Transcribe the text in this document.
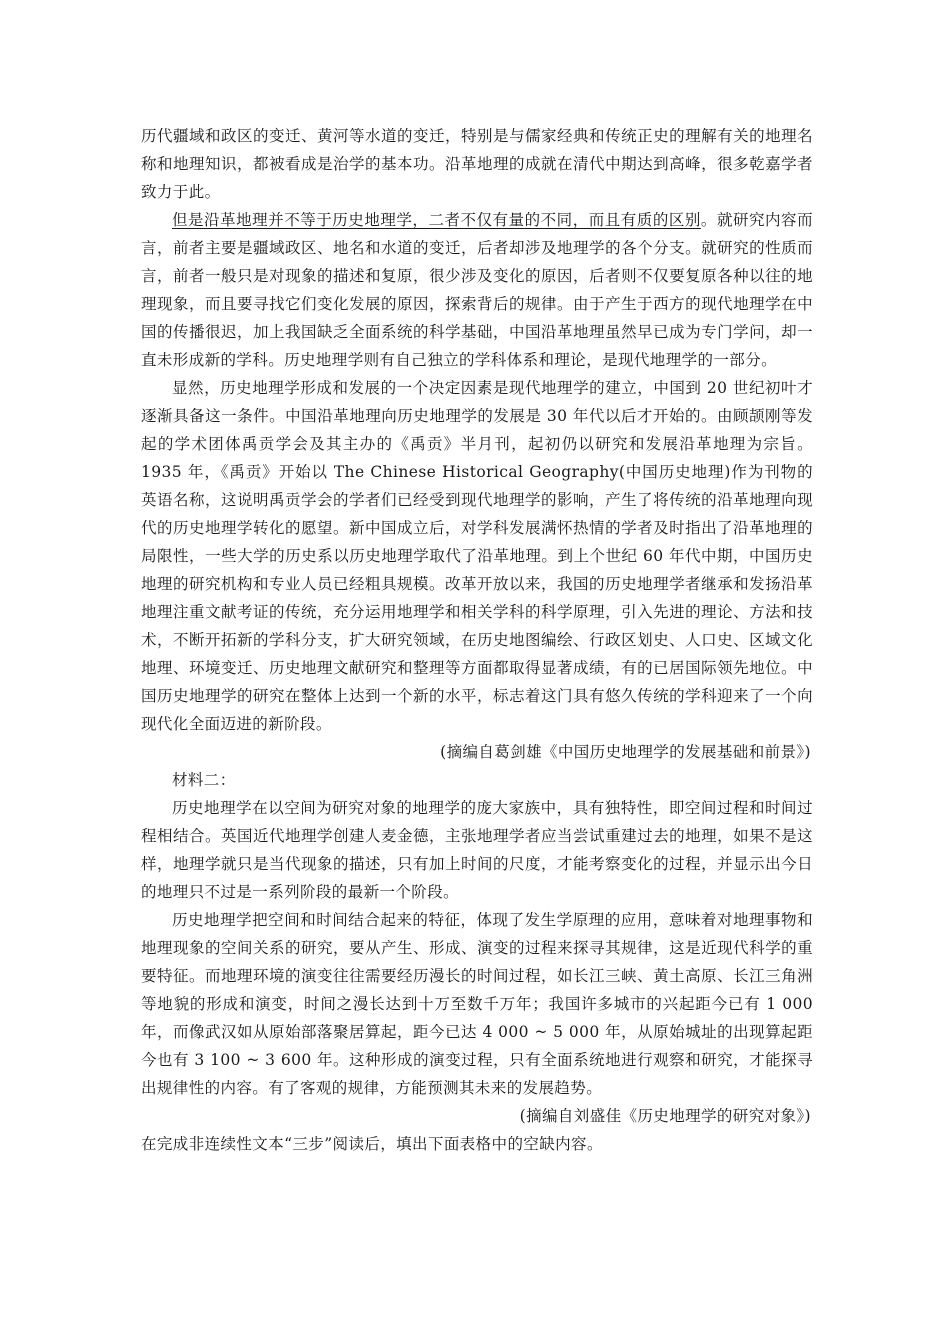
历代疆域和政区的变迁、黄河等水道的变迁，特别是与儒家经典和传统正史的理解有关的地理名称和地理知识，都被看成是治学的基本功。沿革地理的成就在清代中期达到高峰，很多乾嘉学者致力于此。

但是沿革地理并不等于历史地理学，二者不仅有量的不同，而且有质的区别。就研究内容而言，前者主要是疆域政区、地名和水道的变迁，后者却涉及地理学的各个分支。就研究的性质而言，前者一般只是对现象的描述和复原，很少涉及变化的原因，后者则不仅要复原各种以往的地理现象，而且要寻找它们变化发展的原因，探索背后的规律。由于产生于西方的现代地理学在中国的传播很迟，加上我国缺乏全面系统的科学基础，中国沿革地理虽然早已成为专门学问，却一直未形成新的学科。历史地理学则有自己独立的学科体系和理论，是现代地理学的一部分。

显然，历史地理学形成和发展的一个决定因素是现代地理学的建立，中国到 20 世纪初叶才逐渐具备这一条件。中国沿革地理向历史地理学的发展是 30 年代以后才开始的。由顾颉刚等发起的学术团体禹贡学会及其主办的《禹贡》半月刊，起初仍以研究和发展沿革地理为宗旨。1935 年，《禹贡》开始以 The Chinese Historical Geography(中国历史地理)作为刊物的英语名称，这说明禹贡学会的学者们已经受到现代地理学的影响，产生了将传统的沿革地理向现代的历史地理学转化的愿望。新中国成立后，对学科发展满怀热情的学者及时指出了沿革地理的局限性，一些大学的历史系以历史地理学取代了沿革地理。到上个世纪 60 年代中期，中国历史地理的研究机构和专业人员已经粗具规模。改革开放以来，我国的历史地理学者继承和发扬沿革地理注重文献考证的传统，充分运用地理学和相关学科的科学原理，引入先进的理论、方法和技术，不断开拓新的学科分支，扩大研究领域，在历史地图编绘、行政区划史、人口史、区域文化地理、环境变迁、历史地理文献研究和整理等方面都取得显著成绩，有的已居国际领先地位。中国历史地理学的研究在整体上达到一个新的水平，标志着这门具有悠久传统的学科迎来了一个向现代化全面迈进的新阶段。

(摘编自葛剑雄《中国历史地理学的发展基础和前景》)

材料二：

历史地理学在以空间为研究对象的地理学的庞大家族中，具有独特性，即空间过程和时间过程相结合。英国近代地理学创建人麦金德，主张地理学者应当尝试重建过去的地理，如果不是这样，地理学就只是当代现象的描述，只有加上时间的尺度，才能考察变化的过程，并显示出今日的地理只不过是一系列阶段的最新一个阶段。

历史地理学把空间和时间结合起来的特征，体现了发生学原理的应用，意味着对地理事物和地理现象的空间关系的研究，要从产生、形成、演变的过程来探寻其规律，这是近现代科学的重要特征。而地理环境的演变往往需要经历漫长的时间过程，如长江三峡、黄土高原、长江三角洲等地貌的形成和演变，时间之漫长达到十万至数千万年；我国许多城市的兴起距今已有 1 000 年，而像武汉如从原始部落聚居算起，距今已达 4 000 ~ 5 000 年，从原始城址的出现算起距今也有 3 100 ~ 3 600 年。这种形成的演变过程，只有全面系统地进行观察和研究，才能探寻出规律性的内容。有了客观的规律，方能预测其未来的发展趋势。

(摘编自刘盛佳《历史地理学的研究对象》)

在完成非连续性文本“三步”阅读后，填出下面表格中的空缺内容。
